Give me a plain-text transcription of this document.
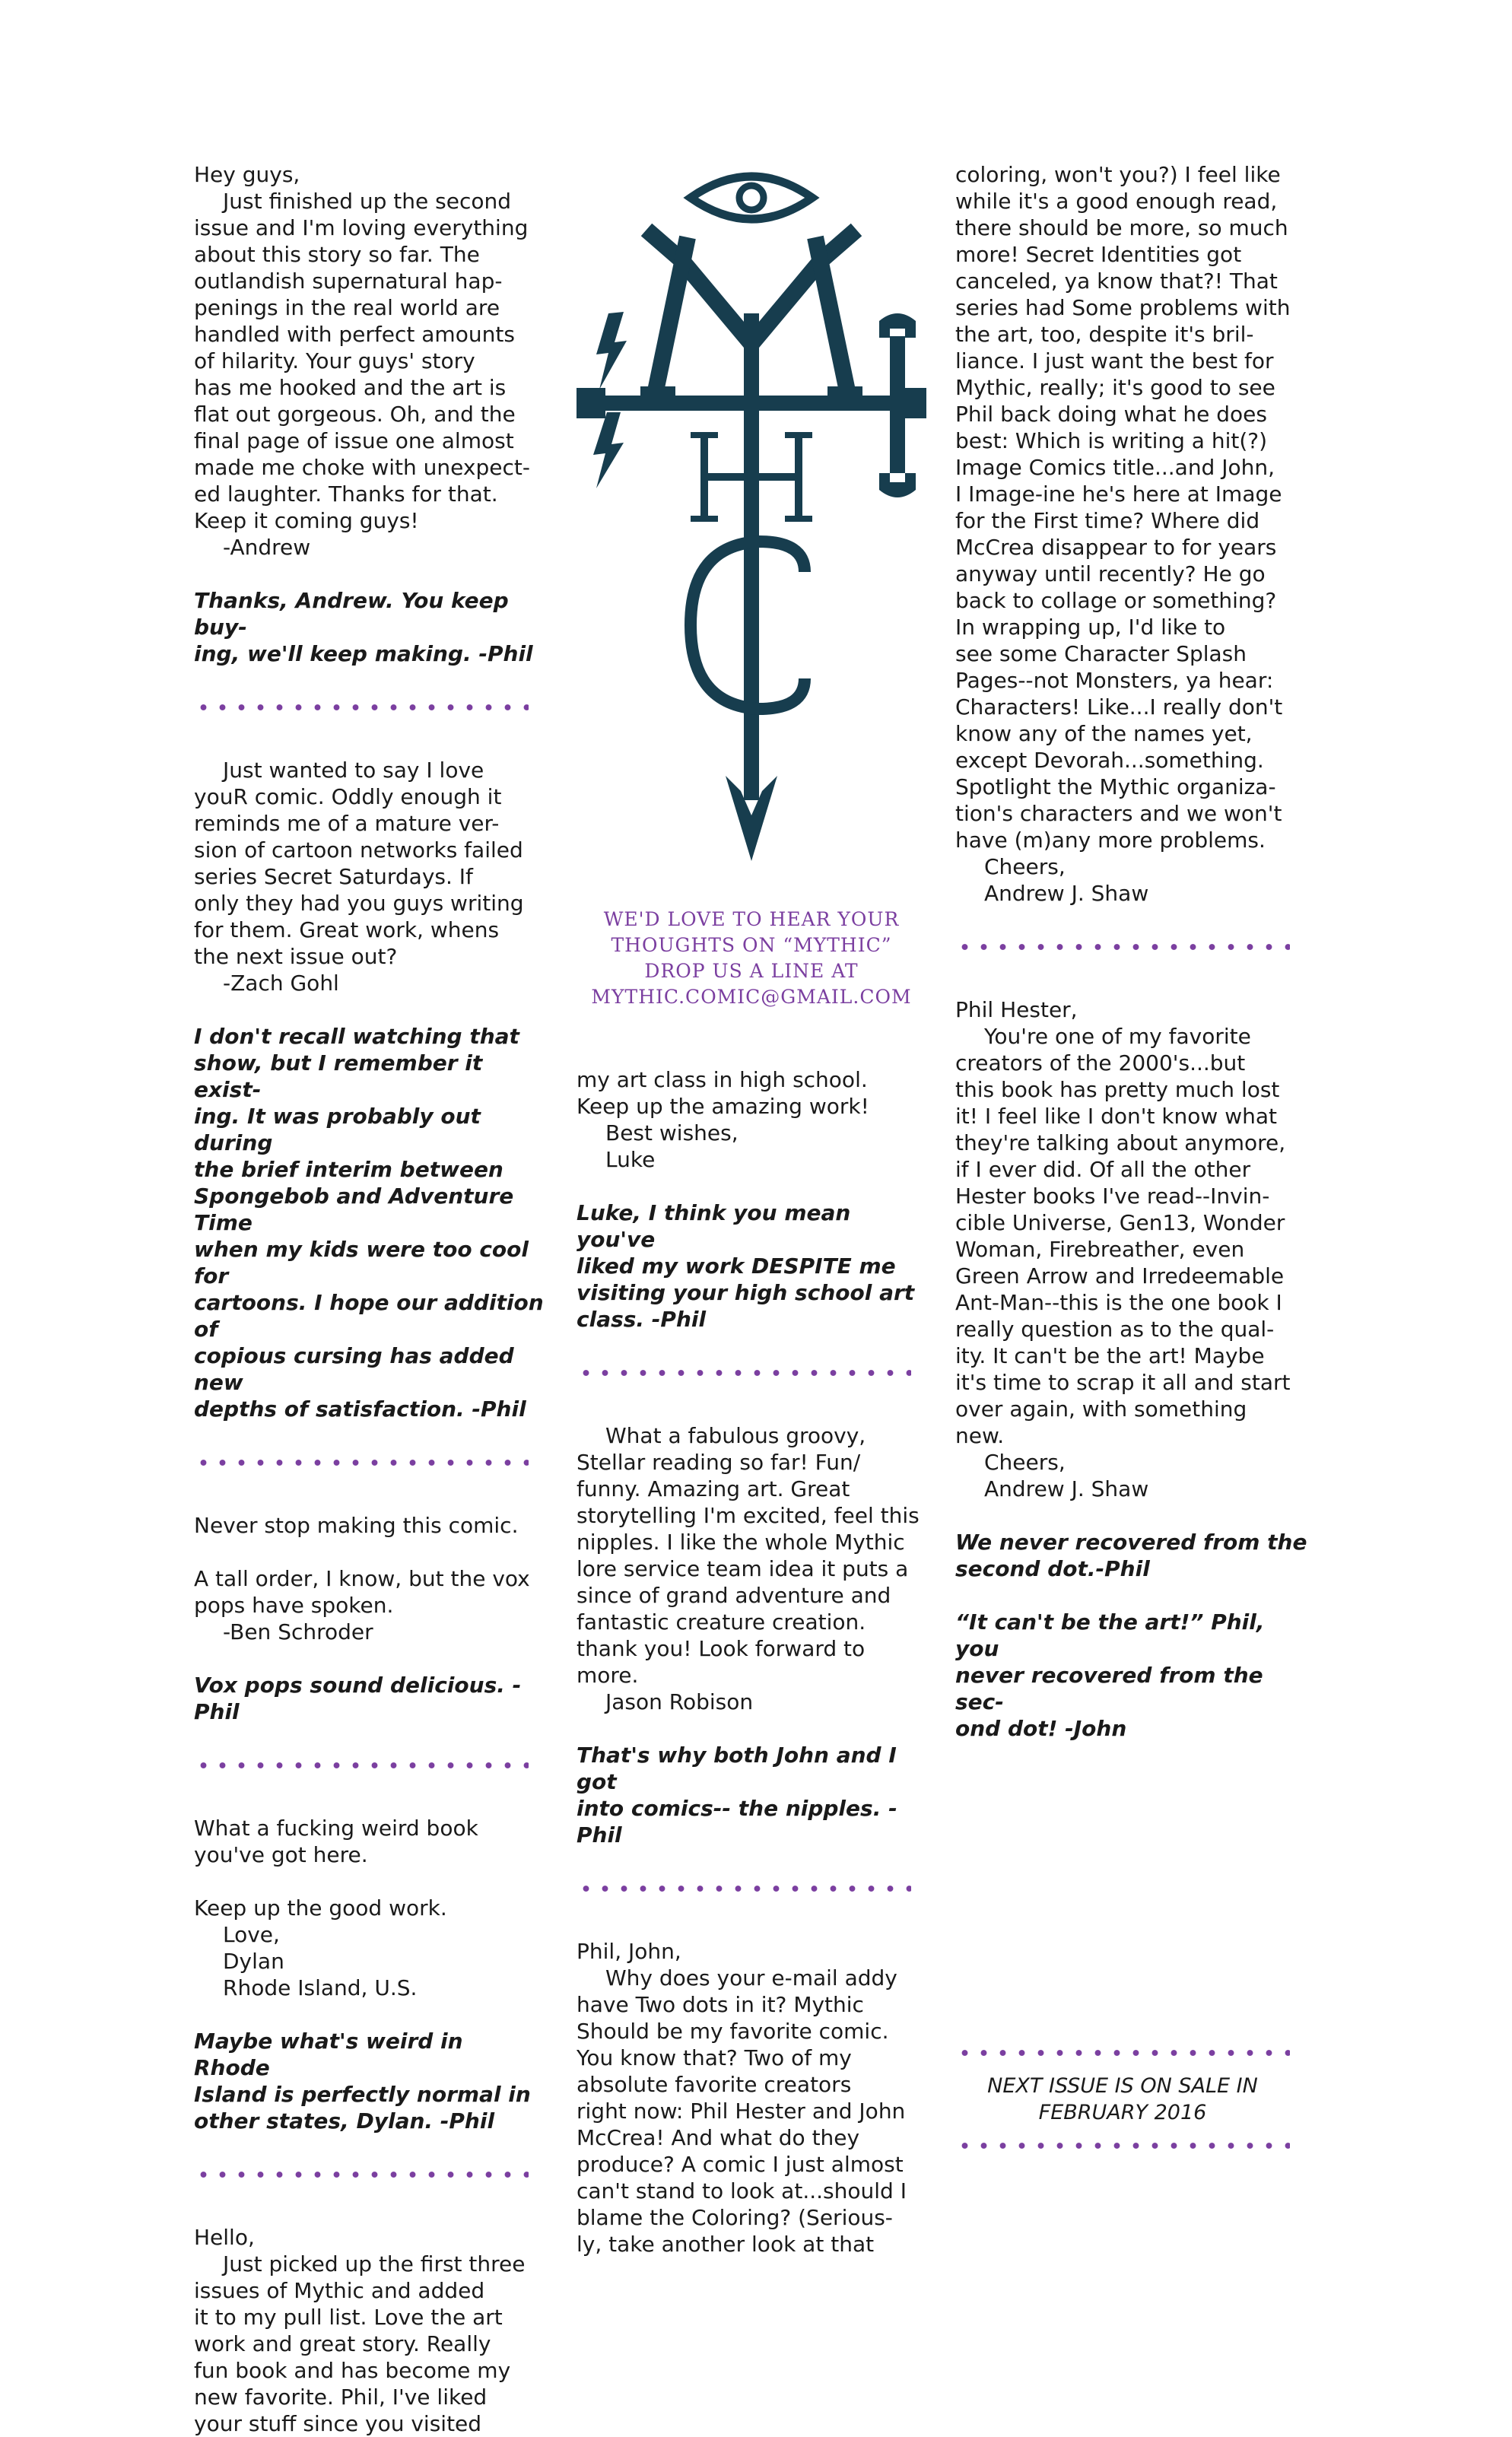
Hey guys,

Just finished up the second

issue and I'm loving everything

about this story so far. The

outlandish supernatural hap-

penings in the real world are

handled with perfect amounts

of hilarity. Your guys' story

has me hooked and the art is

flat out gorgeous. Oh, and the

final page of issue one almost

made me choke with unexpect-

ed laughter. Thanks for that.

Keep it coming guys!

-Andrew

Thanks, Andrew. You keep buy-

ing, we'll keep making. -Phil

Just wanted to say I love

youR comic. Oddly enough it

reminds me of a mature ver-

sion of cartoon networks failed

series Secret Saturdays. If

only they had you guys writing

for them. Great work, whens

the next issue out?

-Zach Gohl

I don't recall watching that

show, but I remember it exist-

ing. It was probably out during

the brief interim between

Spongebob and Adventure Time

when my kids were too cool for

cartoons. I hope our addition of

copious cursing has added new

depths of satisfaction. -Phil

Never stop making this comic.

A tall order, I know, but the vox

pops have spoken.

-Ben Schroder

Vox pops sound delicious. -Phil

What a fucking weird book

you've got here.

Keep up the good work.

Love,

Dylan

Rhode Island, U.S.

Maybe what's weird in Rhode

Island is perfectly normal in

other states, Dylan. -Phil

Hello,

Just picked up the first three

issues of Mythic and added

it to my pull list. Love the art

work and great story. Really

fun book and has become my

new favorite. Phil, I've liked

your stuff since you visited

WE'D LOVE TO HEAR YOUR

THOUGHTS ON “MYTHIC”

DROP US A LINE AT

MYTHIC.COMIC@GMAIL.COM

my art class in high school.

Keep up the amazing work!

Best wishes,

Luke

Luke, I think you mean you've

liked my work DESPITE me

visiting your high school art

class. -Phil

What a fabulous groovy,

Stellar reading so far! Fun/

funny. Amazing art. Great

storytelling I'm excited, feel this

nipples. I like the whole Mythic

lore service team idea it puts a

since of grand adventure and

fantastic creature creation.

thank you! Look forward to

more.

Jason Robison

That's why both John and I got

into comics-- the nipples. -Phil

Phil, John,

Why does your e-mail addy

have Two dots in it? Mythic

Should be my favorite comic.

You know that? Two of my

absolute favorite creators

right now: Phil Hester and John

McCrea! And what do they

produce? A comic I just almost

can't stand to look at...should I

blame the Coloring? (Serious-

ly, take another look at that

coloring, won't you?) I feel like

while it's a good enough read,

there should be more, so much

more! Secret Identities got

canceled, ya know that?! That

series had Some problems with

the art, too, despite it's bril-

liance. I just want the best for

Mythic, really; it's good to see

Phil back doing what he does

best: Which is writing a hit(?)

Image Comics title...and John,

I Image-ine he's here at Image

for the First time? Where did

McCrea disappear to for years

anyway until recently? He go

back to collage or something?

In wrapping up, I'd like to

see some Character Splash

Pages--not Monsters, ya hear:

Characters! Like...I really don't

know any of the names yet,

except Devorah...something.

Spotlight the Mythic organiza-

tion's characters and we won't

have (m)any more problems.

Cheers,

Andrew J. Shaw

Phil Hester,

You're one of my favorite

creators of the 2000's...but

this book has pretty much lost

it! I feel like I don't know what

they're talking about anymore,

if I ever did. Of all the other

Hester books I've read--Invin-

cible Universe, Gen13, Wonder

Woman, Firebreather, even

Green Arrow and Irredeemable

Ant-Man--this is the one book I

really question as to the qual-

ity. It can't be the art! Maybe

it's time to scrap it all and start

over again, with something

new.

Cheers,

Andrew J. Shaw

We never recovered from the

second dot.-Phil

“It can't be the art!” Phil, you

never recovered from the sec-

ond dot! -John

NEXT ISSUE IS ON SALE IN
FEBRUARY 2016
